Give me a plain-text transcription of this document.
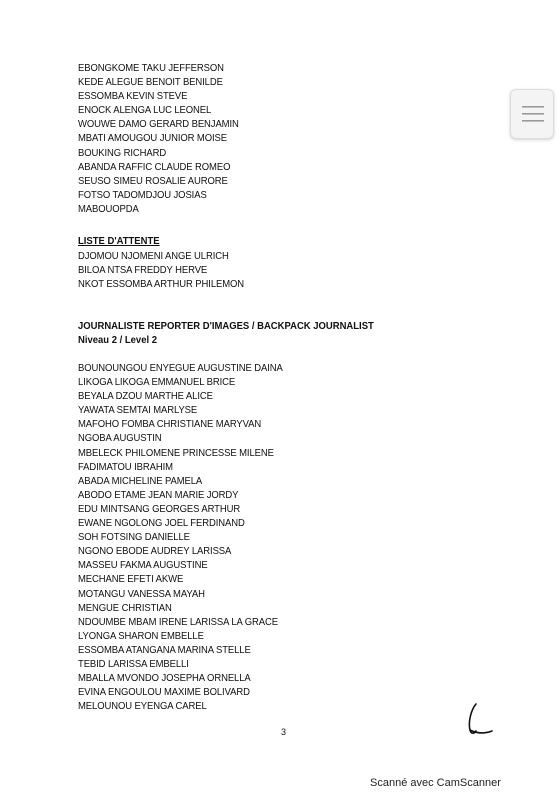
EBONGKOME TAKU JEFFERSON
KEDE ALEGUE BENOIT BENILDE
ESSOMBA KEVIN STEVE
ENOCK ALENGA LUC LEONEL
WOUWE DAMO GERARD BENJAMIN
MBATI AMOUGOU JUNIOR MOISE
BOUKING RICHARD
ABANDA RAFFIC CLAUDE ROMEO
SEUSO SIMEU ROSALIE AURORE
FOTSO TADOMDJOU JOSIAS
MABOUOPDA
LISTE D'ATTENTE
DJOMOU NJOMENI ANGE ULRICH
BILOA NTSA FREDDY HERVE
NKOT ESSOMBA ARTHUR PHILEMON
JOURNALISTE REPORTER D'IMAGES / BACKPACK JOURNALIST
Niveau 2 / Level 2
BOUNOUNGOU ENYEGUE AUGUSTINE DAINA
LIKOGA LIKOGA EMMANUEL BRICE
BEYALA DZOU MARTHE ALICE
YAWATA SEMTAI MARLYSE
MAFOHO FOMBA CHRISTIANE MARYVAN
NGOBA AUGUSTIN
MBELECK PHILOMENE PRINCESSE MILENE
FADIMATOU IBRAHIM
ABADA MICHELINE PAMELA
ABODO ETAME JEAN MARIE JORDY
EDU MINTSANG GEORGES ARTHUR
EWANE NGOLONG JOEL FERDINAND
SOH FOTSING DANIELLE
NGONO EBODE AUDREY LARISSA
MASSEU FAKMA AUGUSTINE
MECHANE EFETI AKWE
MOTANGU VANESSA MAYAH
MENGUE CHRISTIAN
NDOUMBE MBAM IRENE LARISSA LA GRACE
LYONGA SHARON EMBELLE
ESSOMBA ATANGANA MARINA STELLE
TEBID LARISSA EMBELLI
MBALLA MVONDO JOSEPHA ORNELLA
EVINA ENGOULOU MAXIME BOLIVARD
MELOUNOU EYENGA CAREL
3
Scanné avec CamScanner
